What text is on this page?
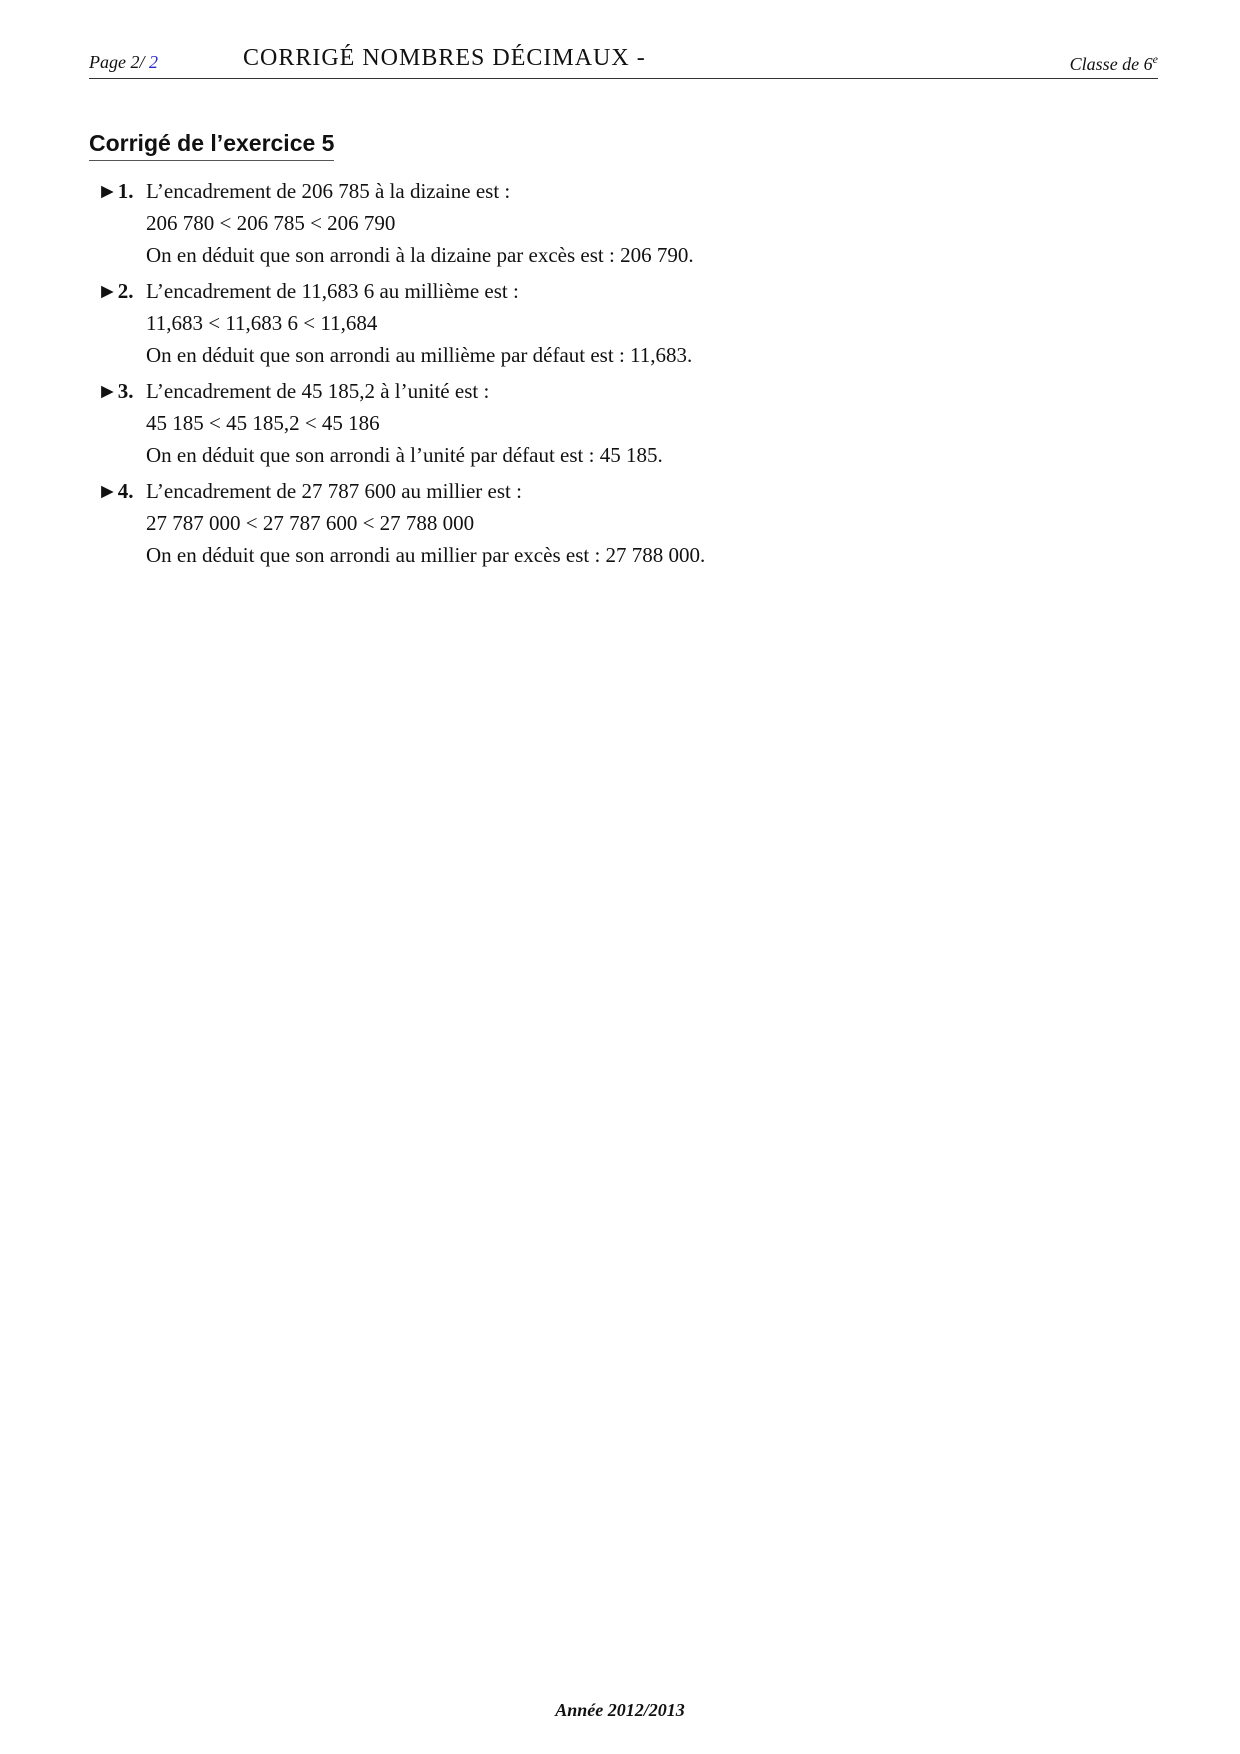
Page 2/ 2	CORRIGÉ NOMBRES DÉCIMAUX -	Classe de 6e
Corrigé de l’exercice 5
►1. L’encadrement de 206 785 à la dizaine est :
206 780 < 206 785 < 206 790
On en déduit que son arrondi à la dizaine par excès est : 206 790.
►2. L’encadrement de 11,683 6 au millième est :
11,683 < 11,683 6 < 11,684
On en déduit que son arrondi au millième par défaut est : 11,683.
►3. L’encadrement de 45 185,2 à l’unité est :
45 185 < 45 185,2 < 45 186
On en déduit que son arrondi à l’unité par défaut est : 45 185.
►4. L’encadrement de 27 787 600 au millier est :
27 787 000 < 27 787 600 < 27 788 000
On en déduit que son arrondi au millier par excès est : 27 788 000.
Année 2012/2013
